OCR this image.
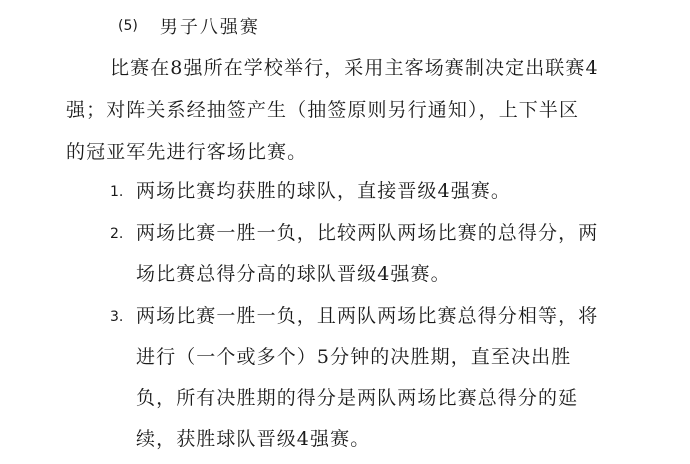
(5) 男子八强赛
比赛在8强所在学校举行，采用主客场赛制决定出联赛4
强；对阵关系经抽签产生（抽签原则另行通知），上下半区
的冠亚军先进行客场比赛。
1. 两场比赛均获胜的球队，直接晋级4强赛。
2. 两场比赛一胜一负，比较两队两场比赛的总得分，两
场比赛总得分高的球队晋级4强赛。
3. 两场比赛一胜一负，且两队两场比赛总得分相等，将
进行（一个或多个）5分钟的决胜期，直至决出胜
负，所有决胜期的得分是两队两场比赛总得分的延
续，获胜球队晋级4强赛。
